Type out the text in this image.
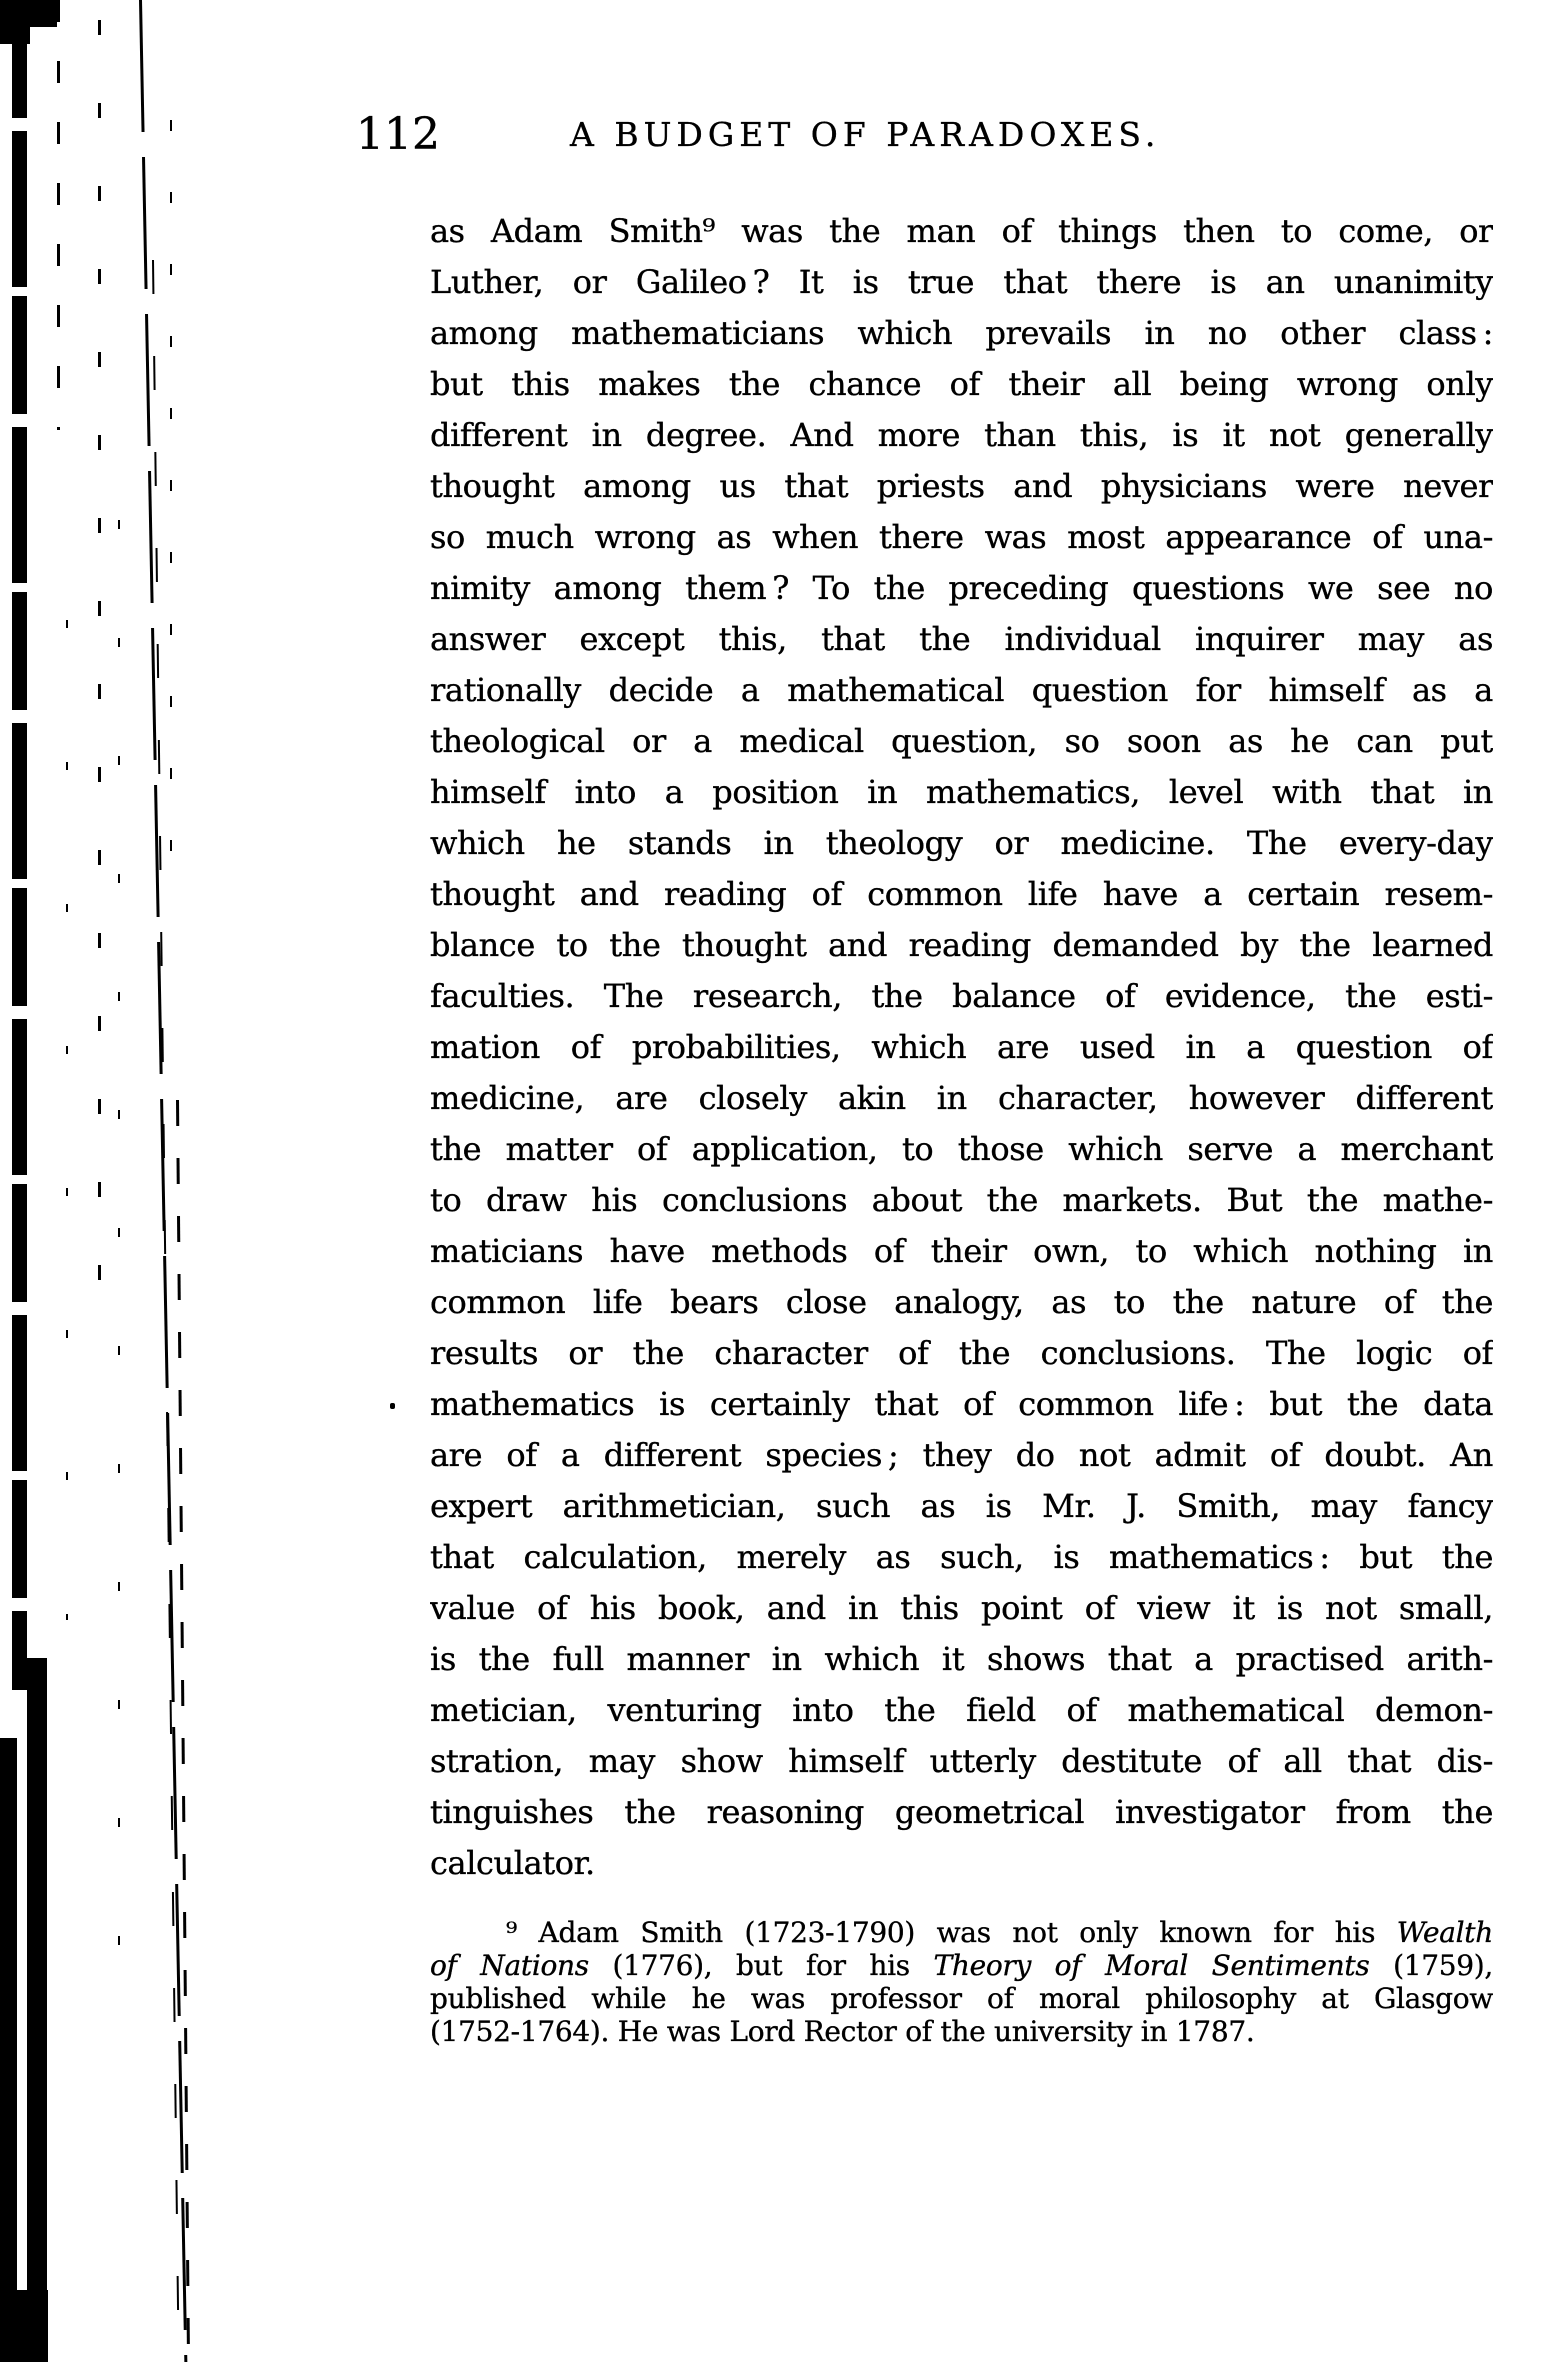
112	A BUDGET OF PARADOXES.
as Adam Smith⁹ was the man of things then to come, or
Luther, or Galileo ? It is true that there is an unanimity
among mathematicians which prevails in no other class :
but this makes the chance of their all being wrong only
different in degree. And more than this, is it not generally
thought among us that priests and physicians were never
so much wrong as when there was most appearance of una-
nimity among them ? To the preceding questions we see no
answer except this, that the individual inquirer may as
rationally decide a mathematical question for himself as a
theological or a medical question, so soon as he can put
himself into a position in mathematics, level with that in
which he stands in theology or medicine. The every-day
thought and reading of common life have a certain resem-
blance to the thought and reading demanded by the learned
faculties. The research, the balance of evidence, the esti-
mation of probabilities, which are used in a question of
medicine, are closely akin in character, however different
the matter of application, to those which serve a merchant
to draw his conclusions about the markets. But the mathe-
maticians have methods of their own, to which nothing in
common life bears close analogy, as to the nature of the
results or the character of the conclusions. The logic of
mathematics is certainly that of common life : but the data
are of a different species ; they do not admit of doubt. An
expert arithmetician, such as is Mr. J. Smith, may fancy
that calculation, merely as such, is mathematics : but the
value of his book, and in this point of view it is not small,
is the full manner in which it shows that a practised arith-
metician, venturing into the field of mathematical demon-
stration, may show himself utterly destitute of all that dis-
tinguishes the reasoning geometrical investigator from the
calculator.
⁹ Adam Smith (1723-1790) was not only known for his Wealth
of Nations (1776), but for his Theory of Moral Sentiments (1759),
published while he was professor of moral philosophy at Glasgow
(1752-1764). He was Lord Rector of the university in 1787.
